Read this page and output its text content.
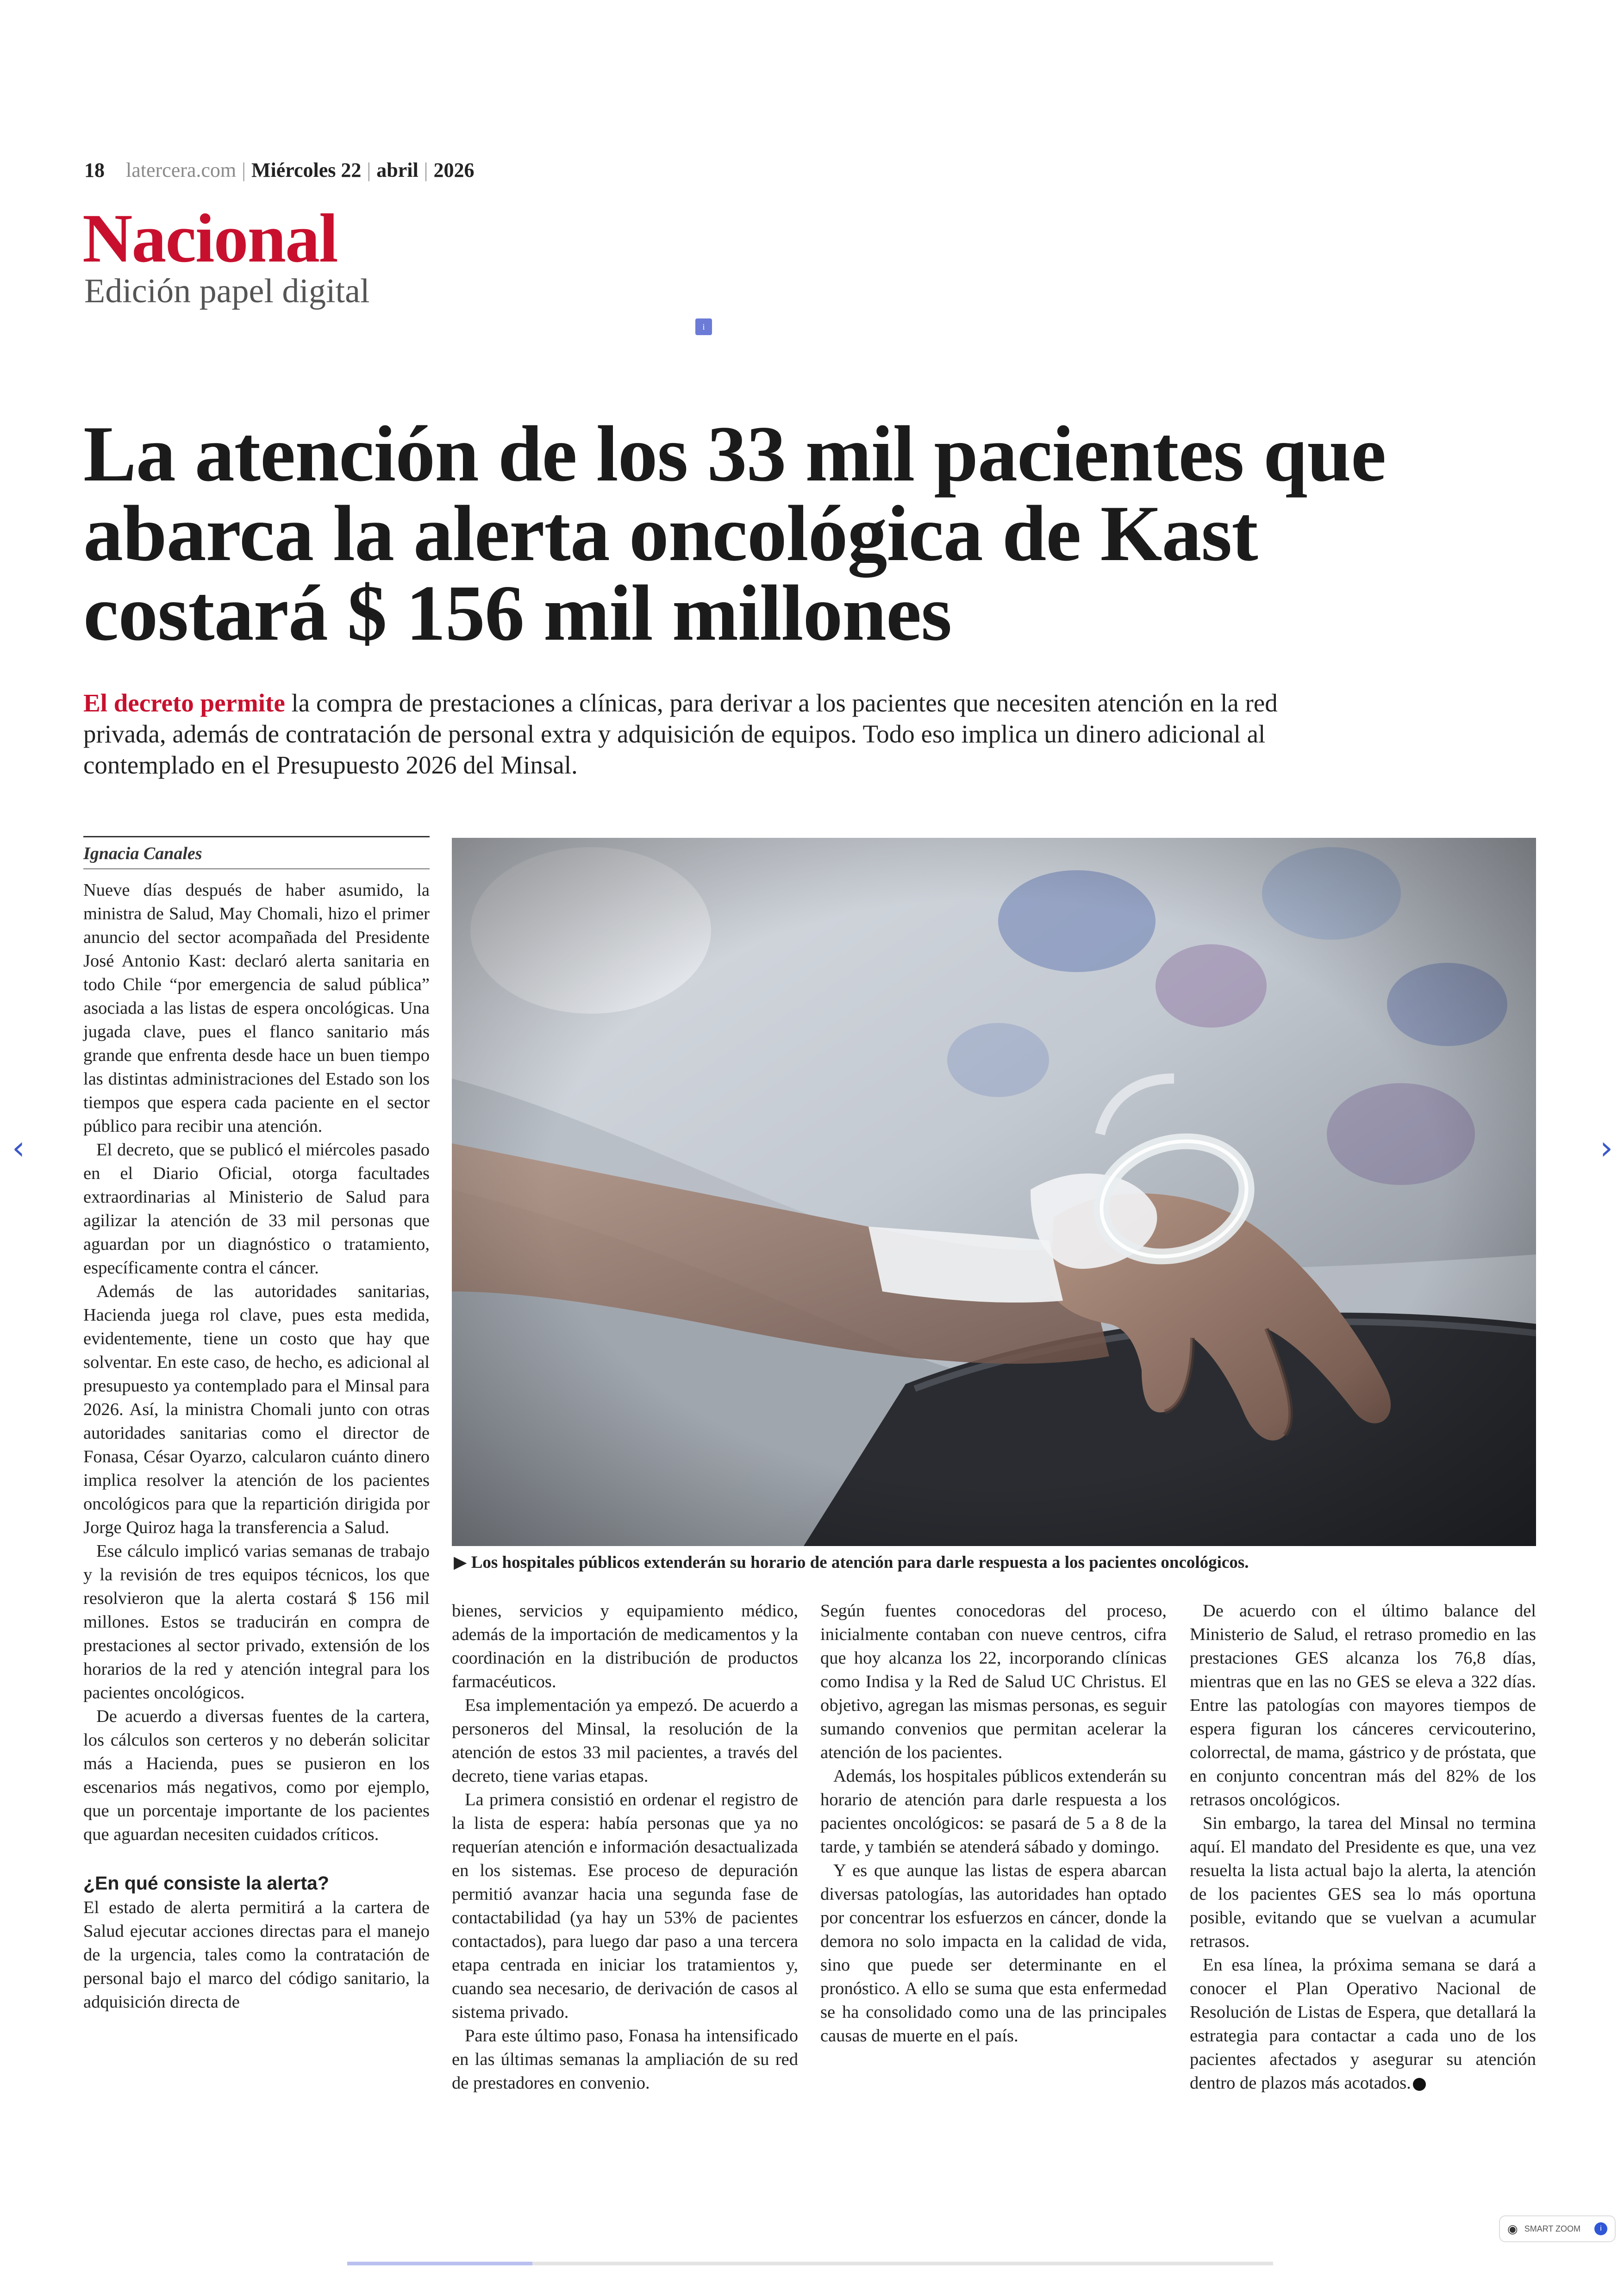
18 latercera.com | Miércoles 22 | abril | 2026
Nacional
Edición papel digital
i
La atención de los 33 mil pacientes que abarca la alerta oncológica de Kast costará $ 156 mil millones

El decreto permite la compra de prestaciones a clínicas, para derivar a los pacientes que necesiten atención en la red privada, además de contratación de personal extra y adquisición de equipos. Todo eso implica un dinero adicional al contemplado en el Presupuesto 2026 del Minsal.

Ignacia Canales

Nueve días después de haber asumido, la ministra de Salud, May Chomali, hizo el primer anuncio del sector acompañada del Presidente José Antonio Kast: declaró alerta sanitaria en todo Chile “por emergencia de salud pública” asociada a las listas de espera oncológicas. Una jugada clave, pues el flanco sanitario más grande que enfrenta desde hace un buen tiempo las distintas administraciones del Estado son los tiempos que espera cada paciente en el sector público para recibir una atención.

El decreto, que se publicó el miércoles pasado en el Diario Oficial, otorga facultades extraordinarias al Ministerio de Salud para agilizar la atención de 33 mil personas que aguardan por un diagnóstico o tratamiento, específicamente contra el cáncer.

Además de las autoridades sanitarias, Hacienda juega rol clave, pues esta medida, evidentemente, tiene un costo que hay que solventar. En este caso, de hecho, es adicional al presupuesto ya contemplado para el Minsal para 2026. Así, la ministra Chomali junto con otras autoridades sanitarias como el director de Fonasa, César Oyarzo, calcularon cuánto dinero implica resolver la atención de los pacientes oncológicos para que la repartición dirigida por Jorge Quiroz haga la transferencia a Salud.

Ese cálculo implicó varias semanas de trabajo y la revisión de tres equipos técnicos, los que resolvieron que la alerta costará $ 156 mil millones. Estos se traducirán en compra de prestaciones al sector privado, extensión de los horarios de la red y atención integral para los pacientes oncológicos.

De acuerdo a diversas fuentes de la cartera, los cálculos son certeros y no deberán solicitar más a Hacienda, pues se pusieron en los escenarios más negativos, como por ejemplo, que un porcentaje importante de los pacientes que aguardan necesiten cuidados críticos.

¿En qué consiste la alerta?

El estado de alerta permitirá a la cartera de Salud ejecutar acciones directas para el manejo de la urgencia, tales como la contratación de personal bajo el marco del código sanitario, la adquisición directa de

▶ Los hospitales públicos extenderán su horario de atención para darle respuesta a los pacientes oncológicos.

bienes, servicios y equipamiento médico, además de la importación de medicamentos y la coordinación en la distribución de productos farmacéuticos.

Esa implementación ya empezó. De acuerdo a personeros del Minsal, la resolución de la atención de estos 33 mil pacientes, a través del decreto, tiene varias etapas.

La primera consistió en ordenar el registro de la lista de espera: había personas que ya no requerían atención e información desactualizada en los sistemas. Ese proceso de depuración permitió avanzar hacia una segunda fase de contactabilidad (ya hay un 53% de pacientes contactados), para luego dar paso a una tercera etapa centrada en iniciar los tratamientos y, cuando sea necesario, de derivación de casos al sistema privado.

Para este último paso, Fonasa ha intensificado en las últimas semanas la ampliación de su red de prestadores en convenio.

Según fuentes conocedoras del proceso, inicialmente contaban con nueve centros, cifra que hoy alcanza los 22, incorporando clínicas como Indisa y la Red de Salud UC Christus. El objetivo, agregan las mismas personas, es seguir sumando convenios que permitan acelerar la atención de los pacientes.

Además, los hospitales públicos extenderán su horario de atención para darle respuesta a los pacientes oncológicos: se pasará de 5 a 8 de la tarde, y también se atenderá sábado y domingo.

Y es que aunque las listas de espera abarcan diversas patologías, las autoridades han optado por concentrar los esfuerzos en cáncer, donde la demora no solo impacta en la calidad de vida, sino que puede ser determinante en el pronóstico. A ello se suma que esta enfermedad se ha consolidado como una de las principales causas de muerte en el país.

De acuerdo con el último balance del Ministerio de Salud, el retraso promedio en las prestaciones GES alcanza los 76,8 días, mientras que en las no GES se eleva a 322 días. Entre las patologías con mayores tiempos de espera figuran los cánceres cervicouterino, colorrectal, de mama, gástrico y de próstata, que en conjunto concentran más del 82% de los retrasos oncológicos.

Sin embargo, la tarea del Minsal no termina aquí. El mandato del Presidente es que, una vez resuelta la lista actual bajo la alerta, la atención de los pacientes GES sea lo más oportuna posible, evitando que se vuelvan a acumular retrasos.

En esa línea, la próxima semana se dará a conocer el Plan Operativo Nacional de Resolución de Listas de Espera, que detallará la estrategia para contactar a cada uno de los pacientes afectados y asegurar su atención dentro de plazos más acotados.

‹	›
◉ SMART ZOOM	i
